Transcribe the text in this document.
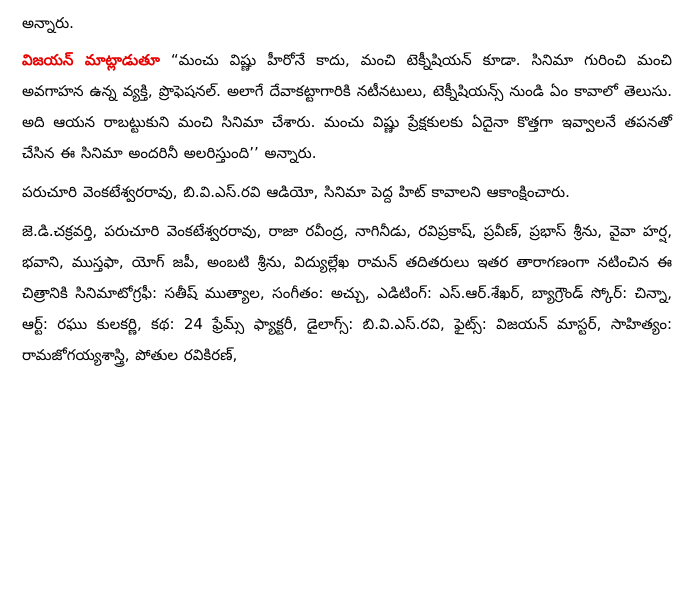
అన్నారు.

విజయన్ మాట్లాడుతూ “మంచు విష్ణు హీరోనే కాదు, మంచి టెక్నీషియన్ కూడా. సినిమా గురించి మంచి అవగాహన ఉన్న వ్యక్తి, ప్రొఫెషనల్. అలాగే దేవాకట్టాగారికి నటీనటులు, టెక్నీషియన్స్ నుండి ఏం కావాలో తెలుసు. అది ఆయన రాబట్టుకుని మంచి సినిమా చేశారు. మంచు విష్ణు ప్రేక్షకులకు ఏదైనా కొత్తగా ఇవ్వాలనే తపనతో చేసిన ఈ సినిమా అందరినీ అలరిస్తుంది’’ అన్నారు.

పరుచూరి వెంకటేశ్వరరావు, బి.వి.ఎస్.రవి ఆడియో, సినిమా పెద్ద హిట్ కావాలని ఆకాంక్షించారు.

జె.డి.చక్రవర్తి, పరుచూరి వెంకటేశ్వరరావు, రాజా రవీంద్ర, నాగినీడు, రవిప్రకాష్, ప్రవీణ్, ప్రభాస్ శ్రీను, వైవా హర్ష, భవాని, ముస్తఫా, యోగ్ జపీ, అంబటి శ్రీను, విద్యుల్లేఖ రామన్ తదితరులు ఇతర తారాగణంగా నటించిన ఈ చిత్రానికి సినిమాటోగ్రఫీ: సతీష్ ముత్యాల, సంగీతం: అచ్చు, ఎడిటింగ్: ఎస్.ఆర్.శేఖర్, బ్యాగ్రౌండ్ స్కోర్: చిన్నా, ఆర్ట్: రఘు కులకర్ణి, కథ: 24 ఫ్రేమ్స్ ఫ్యాక్టరీ, డైలాగ్స్: బి.వి.ఎస్.రవి, ఫైట్స్: విజయన్ మాస్టర్, సాహిత్యం: రామజోగయ్యశాస్త్రి, పోతుల రవికిరణ్,
